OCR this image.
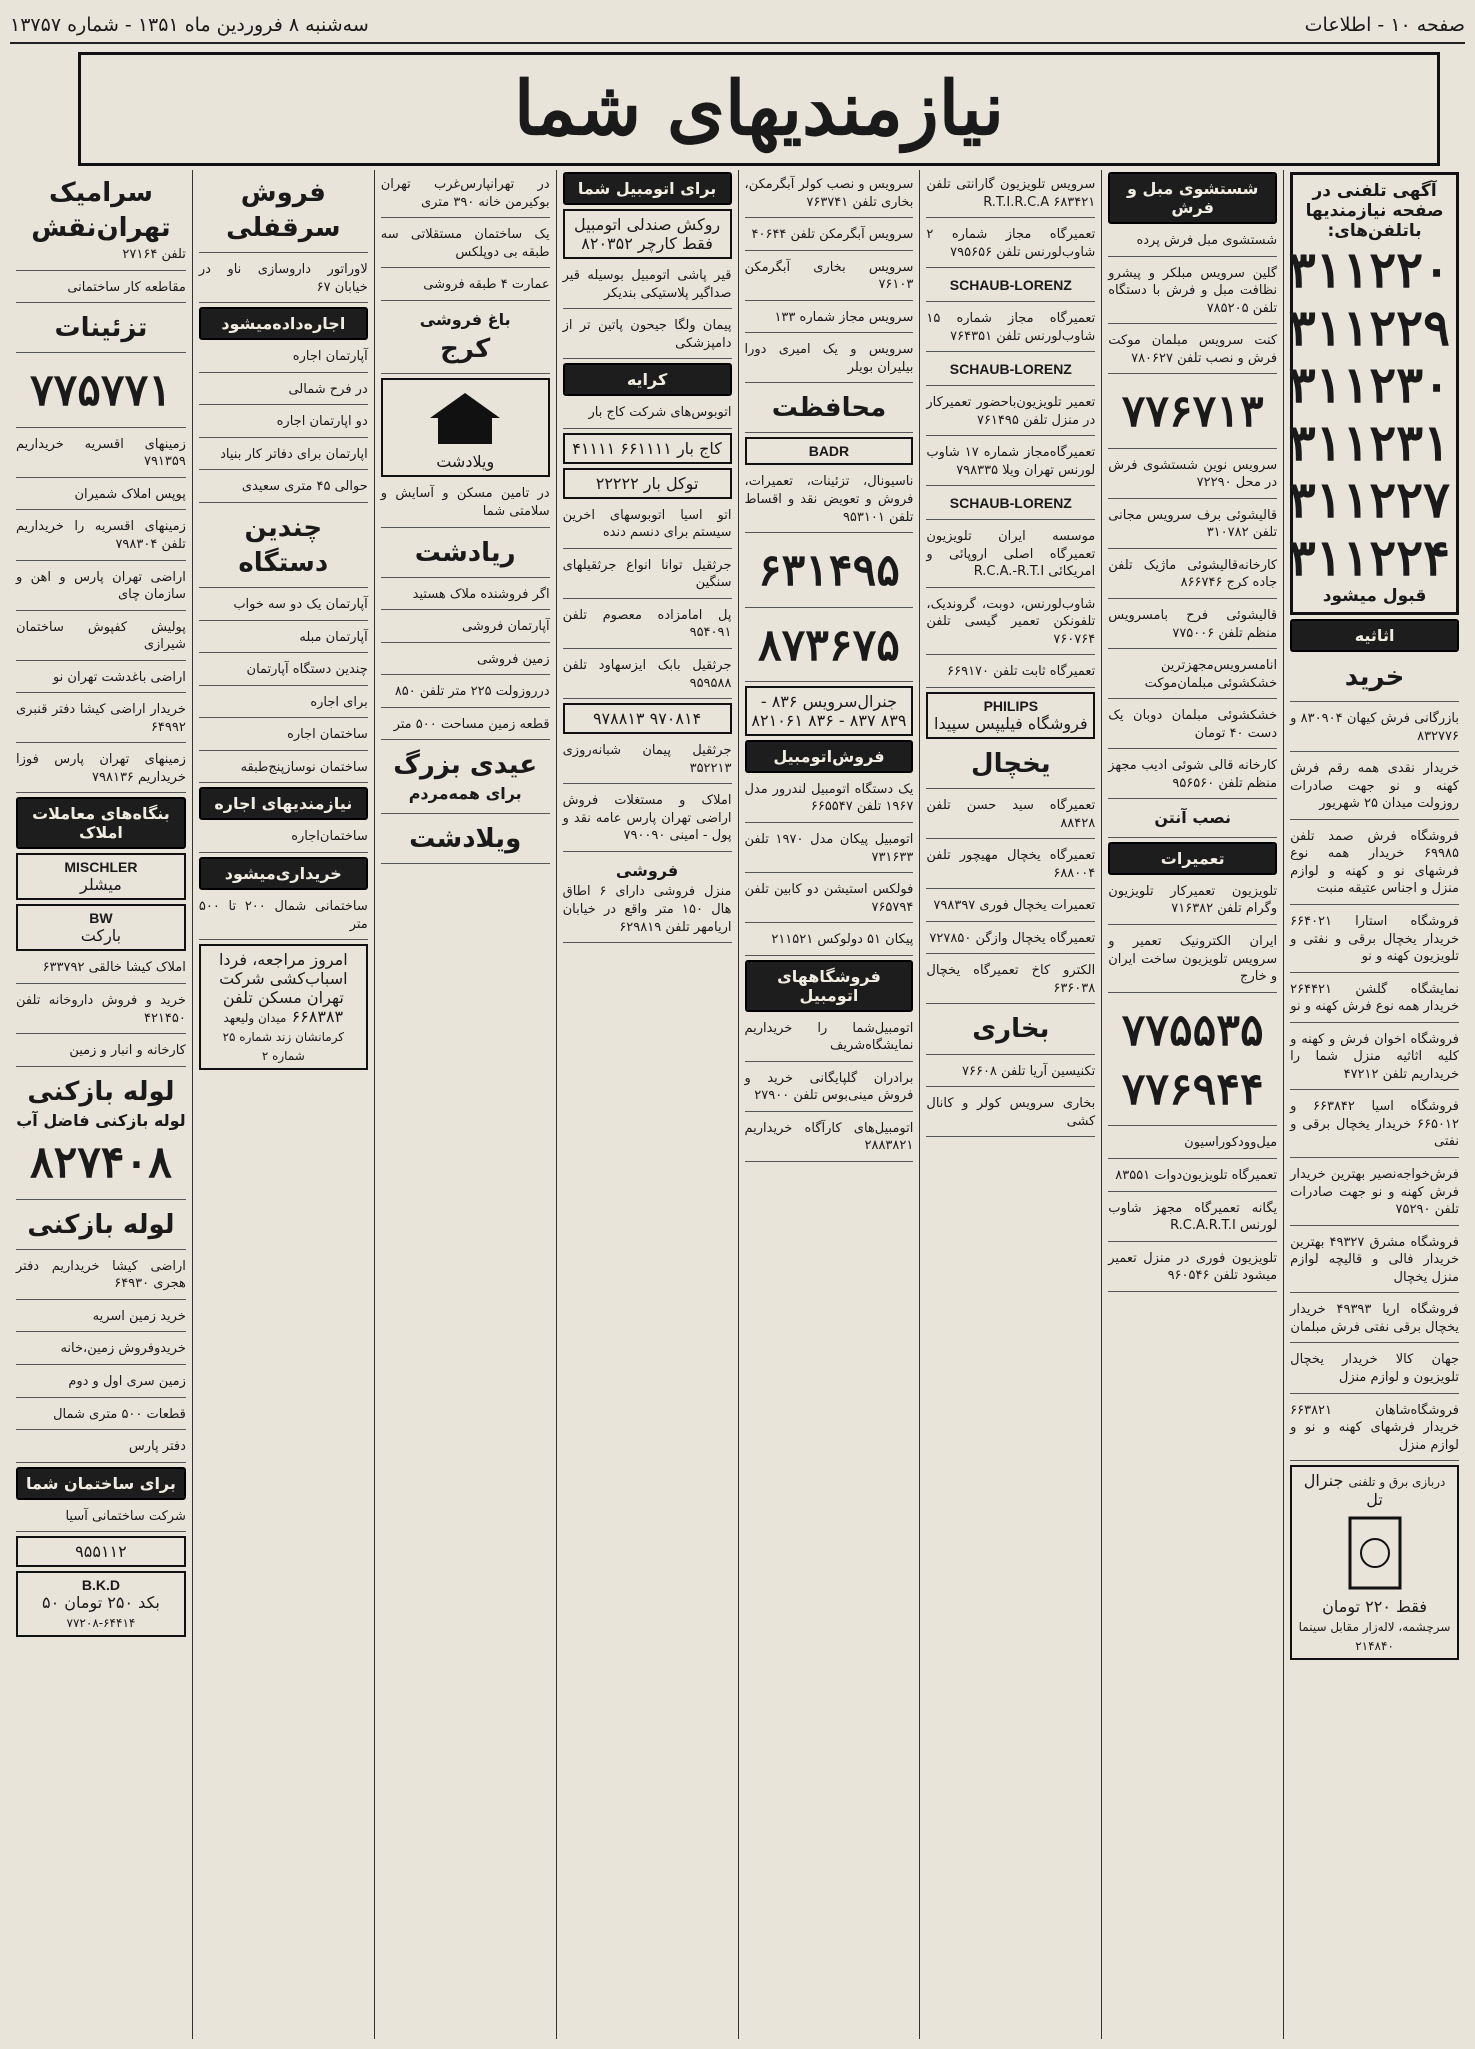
صفحه ۱۰ - اطلاعات
سه‌شنبه ۸ فروردین ماه ۱۳۵۱ - شماره ۱۳۷۵۷
نیازمندیهای شما
آگهی تلفنی در صفحه نیازمندیها
باتلفن‌های:
۳۱۱۲۲۰
۳۱۱۲۲۹
۳۱۱۲۳۰
۳۱۱۲۳۱
۳۱۱۲۲۷
۳۱۱۲۲۴
قبول میشود
اثاثیه
خرید
بازرگانی فرش کیهان ۸۳۰۹۰۴ و ۸۳۲۷۷۶
خریدار نقدی همه رقم فرش کهنه و نو جهت صادرات روزولت میدان ۲۵ شهریور
فروشگاه فرش صمد تلفن ۶۹۹۸۵ خریدار همه نوع فرشهای نو و کهنه و لوازم منزل و اجناس عتیقه منبت
فروشگاه استارا ۶۶۴۰۲۱ خریدار یخچال برقی و نفتی و تلویزیون کهنه و نو
نمایشگاه گلشن ۲۶۴۴۲۱ خریدار همه نوع فرش کهنه و نو
فروشگاه اخوان فرش و کهنه و کلیه اثاثیه منزل شما را خریداریم تلفن ۴۷۲۱۲
فروشگاه اسیا ۶۶۳۸۴۲ و ۶۶۵۰۱۲ خریدار یخچال برقی و نفتی
فرش‌خواجه‌نصیر بهترین خریدار فرش کهنه و نو جهت صادرات تلفن ۷۵۲۹۰
فروشگاه مشرق ۴۹۳۲۷ بهترین خریدار فالی و قالیچه لوازم منزل یخچال
فروشگاه اریا ۴۹۳۹۳ خریدار یخچال برقی نفتی فرش مبلمان
جهان کالا خریدار یخچال تلویزیون و لوازم منزل
فروشگاه‌شاهان ۶۶۳۸۲۱ خریدار فرشهای کهنه و نو و لوازم منزل
دربازی برق و تلفنی جنرال تل
فقط ۲۲۰ تومان سرچشمه، لاله‌زار مقابل سینما ۲۱۴۸۴۰
شستشوی مبل و فرش
شستشوی مبل فرش پرده
گلین سرویس مبلکر و پیشرو نظافت مبل و فرش با دستگاه تلفن ۷۸۵۲۰۵
کنت سرویس مبلمان موکت فرش و نصب تلفن ۷۸۰۶۲۷
۷۷۶۷۱۳
سرویس نوین شستشوی فرش در محل ۷۲۲۹۰
قالیشوئی برف سرویس مجانی تلفن ۳۱۰۷۸۲
کارخانه‌قالیشوئی ماژیک تلفن جاده کرج ۸۶۶۷۴۶
قالیشوئی فرح بامسرویس منظم تلفن ۷۷۵۰۰۶
انامسرویس‌مجهزترین خشکشوئی مبلمان‌موکت
خشکشوئی مبلمان دوبان یک دست ۴۰ تومان
کارخانه قالی شوئی ادیب مجهز منظم تلفن ۹۵۶۵۶۰
نصب آنتن
تعمیرات
تلویزیون تعمیرکار تلویزیون وگرام تلفن ۷۱۶۳۸۲
ایران الکترونیک تعمیر و سرویس تلویزیون ساخت ایران و خارج
۷۷۵۵۳۵
۷۷۶۹۴۴
میل‌وودکوراسیون
تعمیرگاه تلویزیون‌دوات ۸۳۵۵۱
یگانه تعمیرگاه مجهز شاوب لورنس R.C.A.R.T.I
تلویزیون فوری در منزل تعمیر میشود تلفن ۹۶۰۵۴۶
سرویس تلویزیون گارانتی تلفن ۶۸۳۴۲۱ R.T.I.R.C.A
تعمیرگاه مجاز شماره ۲ شاوب‌لورنس تلفن ۷۹۵۶۵۶
SCHAUB-LORENZ
تعمیرگاه مجاز شماره ۱۵ شاوب‌لورنس تلفن ۷۶۴۳۵۱
SCHAUB-LORENZ
تعمیر تلویزیون‌باحضور تعمیرکار در منزل تلفن ۷۶۱۴۹۵
تعمیرگاه‌مجاز شماره ۱۷ شاوب لورنس تهران ویلا ۷۹۸۳۳۵
SCHAUB-LORENZ
موسسه ایران تلویزیون تعمیرگاه اصلی اروپائی و امریکائی R.C.A.-R.T.I
شاوب‌لورنس، دوبت، گروندیک، تلفونکن تعمیر گیسی تلفن ۷۶۰۷۶۴
تعمیرگاه ثابت تلفن ۶۶۹۱۷۰
PHILIPS
فروشگاه فیلیپس سپیدا
یخچال
تعمیرگاه سید حسن تلفن ۸۸۴۲۸
تعمیرگاه یخچال مهیچور تلفن ۶۸۸۰۰۴
تعمیرات یخچال فوری ۷۹۸۳۹۷
تعمیرگاه یخچال وازگن ۷۲۷۸۵۰
الکترو کاخ تعمیرگاه یخچال ۶۳۶۰۳۸
بخاری
تکنیسین آریا تلفن ۷۶۶۰۸
بخاری سرویس کولر و کانال کشی
سرویس و نصب کولر آبگرمکن، بخاری تلفن ۷۶۳۷۴۱
سرویس آبگرمکن تلفن ۴۰۶۴۴
سرویس بخاری آبگرمکن ۷۶۱۰۳
سرویس مجاز شماره ۱۳۳
سرویس و یک امیری دورا بیلیران بویلر
محافظت
BADR
ناسیونال، تزئینات، تعمیرات، فروش و تعویض نقد و اقساط تلفن ۹۵۳۱۰۱
۶۳۱۴۹۵
۸۷۳۶۷۵
جنرال‌سرویس ۸۳۶ - ۸۳۹ ۸۳۷ - ۸۳۶ ۸۲۱۰۶۱
فروش‌اتومبیل
یک دستگاه اتومبیل لندرور مدل ۱۹۶۷ تلفن ۶۶۵۵۴۷
اتومبیل پیکان مدل ۱۹۷۰ تلفن ۷۳۱۶۳۳
فولکس استیشن دو کابین تلفن ۷۶۵۷۹۴
پیکان ۵۱ دولوکس ۲۱۱۵۲۱
فروشگاههای اتومبیل
اتومبیل‌شما را خریداریم نمایشگاه‌شریف
برادران گلپایگانی خرید و فروش مینی‌بوس تلفن ۲۷۹۰۰
اتومبیل‌های کارآگاه خریداریم ۲۸۸۳۸۲۱
برای اتومبیل شما
روکش صندلی اتومبیل فقط کارچر ۸۲۰۳۵۲
قیر پاشی اتومبیل بوسیله قیر صداگیر پلاستیکی بندیکر
پیمان ولگا جیحون پاتین تر از دامپزشکی
کرایه
اتوبوس‌های شرکت کاج بار
کاج بار ۶۶۱۱۱۱ ۴۱۱۱۱
توکل بار ۲۲۲۲۲
اتو اسیا اتوبوسهای اخرین سیستم برای دنسم دنده
جرثقیل توانا انواع جرثقیلهای سنگین
پل امامزاده معصوم تلفن ۹۵۴۰۹۱
جرثقیل بابک ایزسهاود تلفن ۹۵۹۵۸۸
۹۷۰۸۱۴ ۹۷۸۸۱۳
جرثقیل پیمان شبانه‌روزی ۳۵۲۲۱۳
املاک و مستغلات فروش اراضی تهران پارس عامه نقد و پول - امینی ۷۹۰۰۹۰
فروشی
منزل فروشی دارای ۶ اطاق هال ۱۵۰ متر واقع در خیابان اریامهر تلفن ۶۲۹۸۱۹
در تهرانپارس‌غرب تهران بوکیرمن خانه ۳۹۰ متری
یک ساختمان مستقلاتی سه طبقه بی دوپلکس
عمارت ۴ طبقه فروشی
باغ فروشی
کرج
ویلادشت
در تامین مسکن و آسایش و سلامتی شما
ریادشت
اگر فروشنده ملاک هستید
آپارتمان فروشی
زمین فروشی
درروزولت ۲۲۵ متر تلفن ۸۵۰
قطعه زمین مساحت ۵۰۰ متر
عیدی بزرگ
برای همه‌مردم
ویلادشت
فروش سرقفلی
لاوراتور داروسازی ناو در خیابان ۶۷
اجاره‌داده‌میشود
آپارتمان اجاره
در فرح شمالی
دو اپارتمان اجاره
اپارتمان برای دفاتر کار بنیاد
حوالی ۴۵ متری سعیدی
چندین
دستگاه
آپارتمان یک دو سه خواب
آپارتمان مبله
چندین دستگاه آپارتمان
برای اجاره
ساختمان اجاره
ساختمان نوسازپنج‌طبقه
نیازمندیهای اجاره
ساختمان‌اجاره
خریداری‌میشود
ساختمانی شمال ۲۰۰ تا ۵۰۰ متر
امروز مراجعه، فردا اسباب‌کشی شرکت تهران مسکن تلفن ۶۶۸۳۸۳ میدان ولیعهد کرمانشان زند شماره ۲۵ شماره ۲
سرامیک
تهران‌نقش
تلفن ۲۷۱۶۴
مقاطعه کار ساختمانی
تزئینات
۷۷۵۷۷۱
زمینهای اقسریه خریداریم ۷۹۱۳۵۹
پوپس املاک شمیران
زمینهای اقسریه را خریداریم تلفن ۷۹۸۳۰۴
اراضی تهران پارس و اهن و سازمان چای
پولیش کفپوش ساختمان شیرازی
اراضی باغدشت تهران نو
خریدار اراضی کیشا دفتر قنبری ۶۴۹۹۲
زمینهای تهران پارس فوزا خریداریم ۷۹۸۱۳۶
بنگاه‌های معاملات املاک
MISCHLER
میشلر
BW
بارکت
املاک کیشا خالقی ۶۳۳۷۹۲
خرید و فروش داروخانه تلفن ۴۲۱۴۵۰
کارخانه و انبار و زمین
لوله بازکنی
لوله بازکنی فاضل آب
۸۲۷۴۰۸
لوله بازکنی
اراضی کیشا خریداریم دفتر هجری ۶۴۹۳۰
خرید زمین اسریه
خریدوفروش زمین،خانه
زمین سری اول و دوم
قطعات ۵۰۰ متری شمال
دفتر پارس
برای ساختمان شما
شرکت ساختمانی آسیا
۹۵۵۱۱۲
B.K.D
بکد ۲۵۰ تومان ۵۰ ۶۴۴۱۴-۷۷۲۰۸
